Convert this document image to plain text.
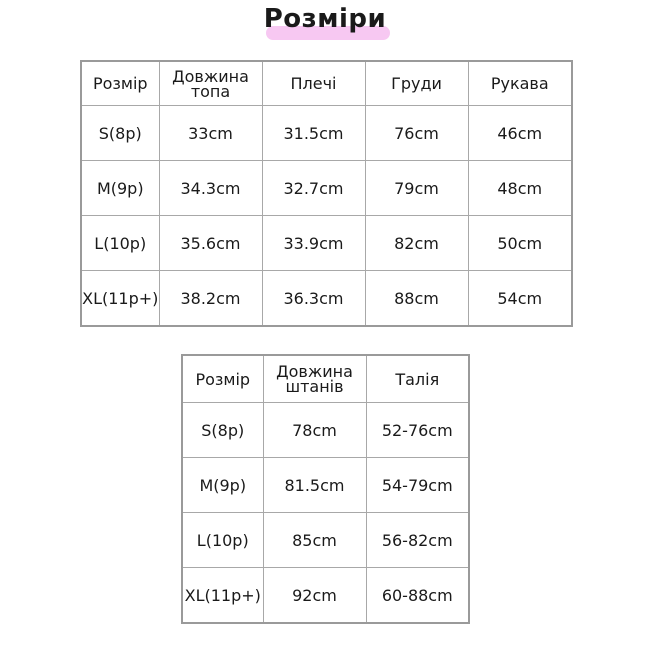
Розміри
Розмір	Довжина топа	Плечі	Груди	Рукава
S(8р)	33cm	31.5cm	76cm	46cm
M(9р)	34.3cm	32.7cm	79cm	48cm
L(10р)	35.6cm	33.9cm	82cm	50cm
XL(11р+)	38.2cm	36.3cm	88cm	54cm
Розмір	Довжина штанів	Талія
S(8р)	78cm	52-76cm
M(9р)	81.5cm	54-79cm
L(10р)	85cm	56-82cm
XL(11р+)	92cm	60-88cm
